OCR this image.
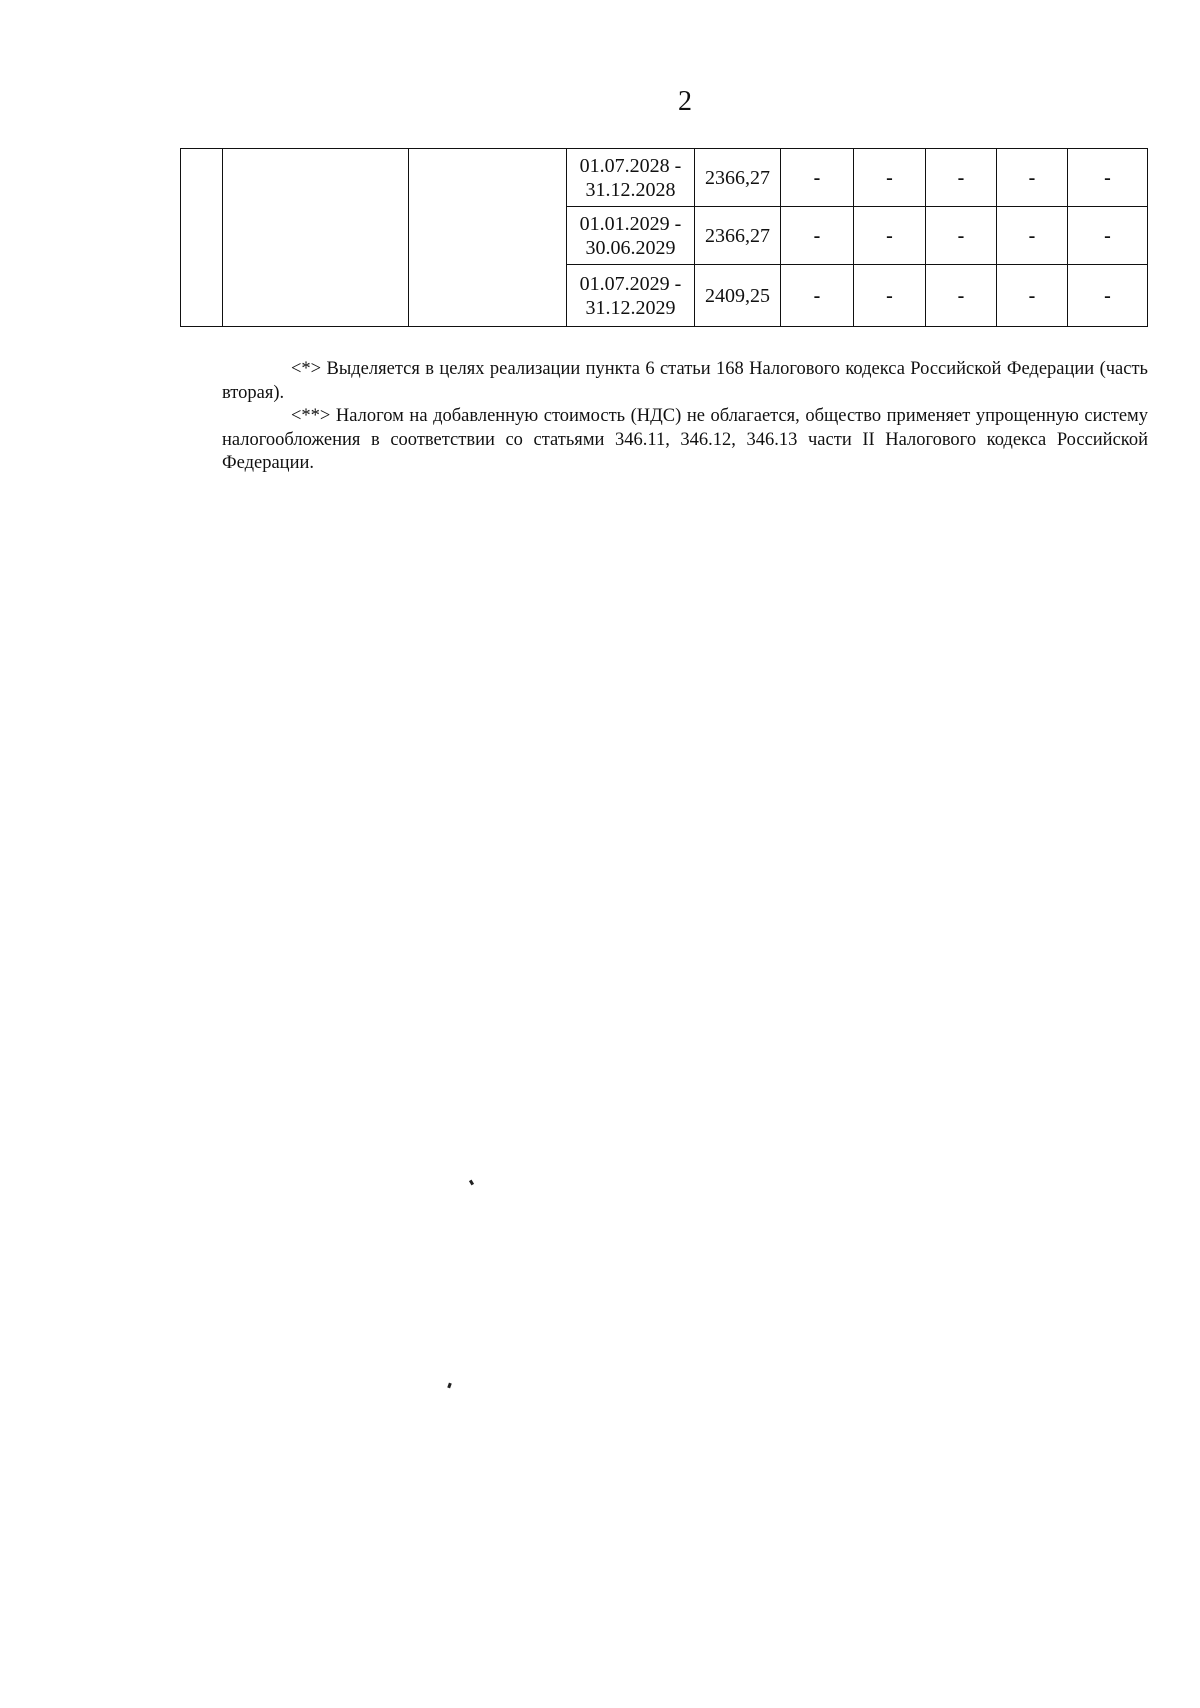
2

			01.07.2028 -
31.12.2028	2366,27	-	-	-	-	-

			01.01.2029 -
30.06.2029	2366,27	-	-	-	-	-

			01.07.2029 -
31.12.2029	2409,25	-	-	-	-	-

<*> Выделяется в целях реализации пункта 6 статьи 168 Налогового кодекса Российской Федерации (часть вторая).

<**> Налогом на добавленную стоимость (НДС) не облагается, общество применяет упрощенную систему налогообложения в соответствии со статьями 346.11, 346.12, 346.13 части II Налогового кодекса Российской Федерации.
